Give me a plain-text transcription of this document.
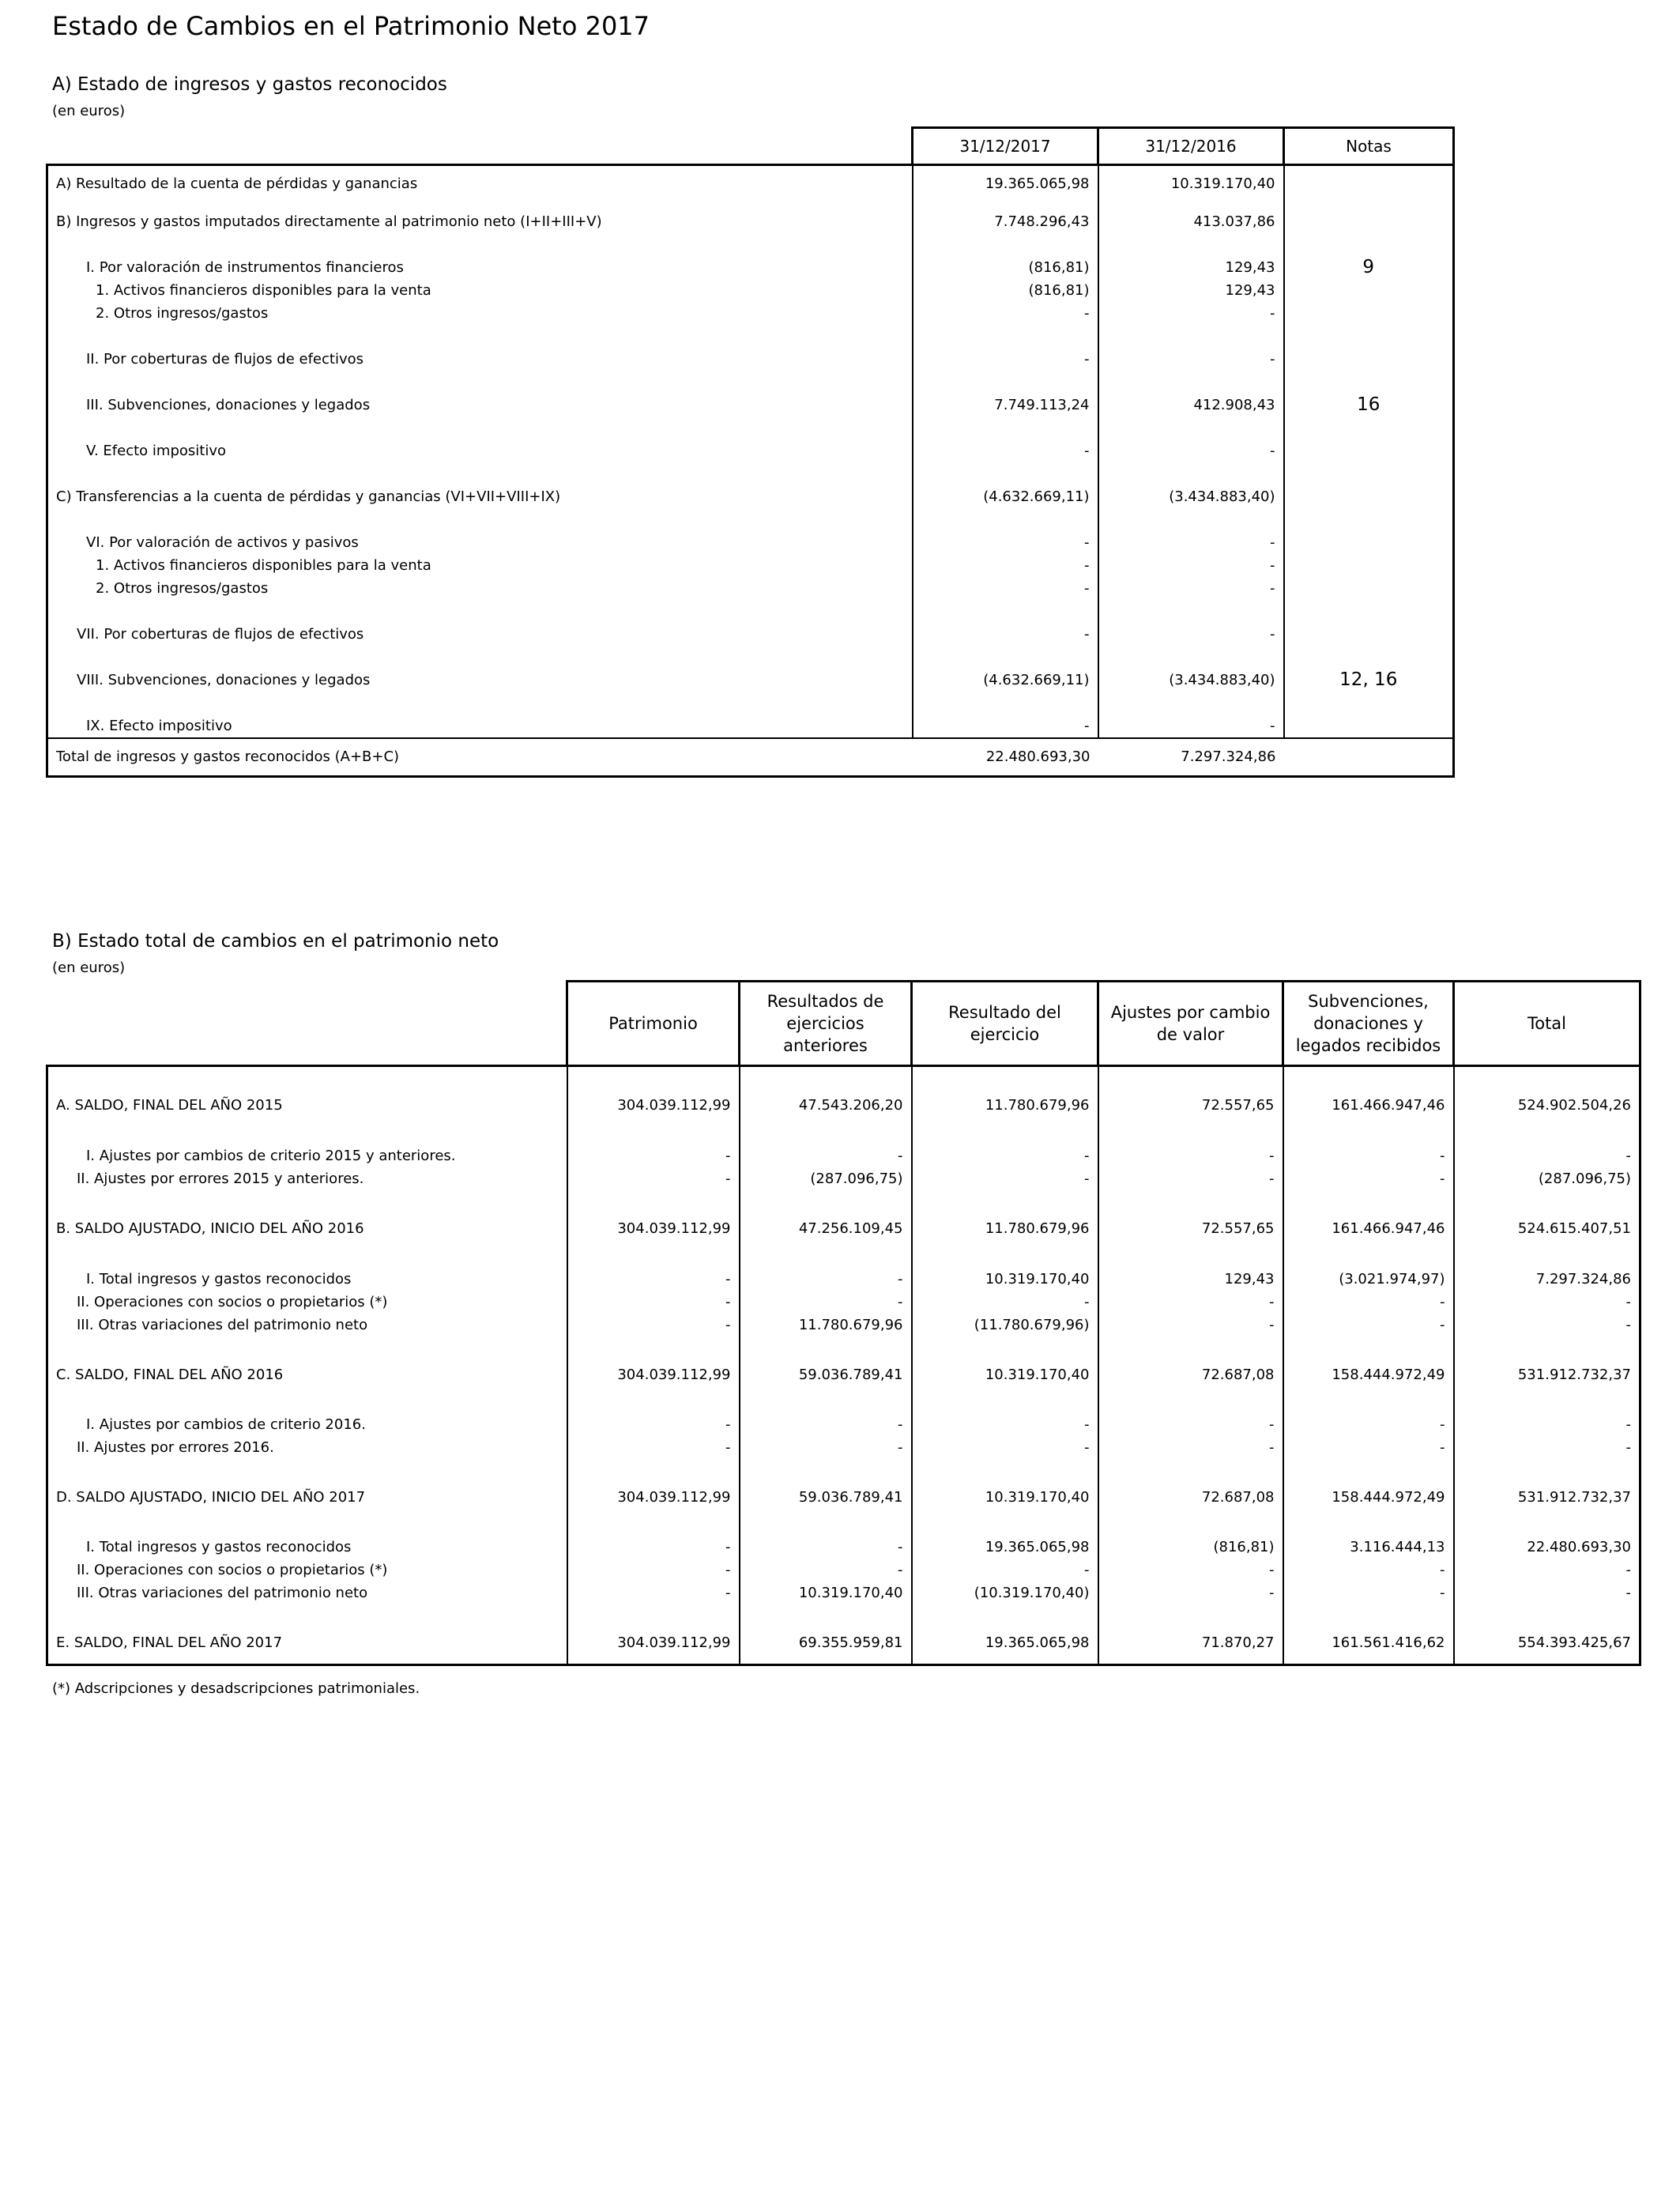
Estado de Cambios en el Patrimonio Neto 2017
A) Estado de ingresos y gastos reconocidos
(en euros)
	31/12/2017	31/12/2016	Notas

A) Resultado de la cuenta de pérdidas y ganancias	19.365.065,98	10.319.170,40	

B) Ingresos y gastos imputados directamente al patrimonio neto (I+II+III+V)	7.748.296,43	413.037,86	

I. Por valoración de instrumentos financieros	(816,81)	129,43	9
1. Activos financieros disponibles para la venta	(816,81)	129,43	
2. Otros ingresos/gastos	-	-	

II. Por coberturas de flujos de efectivos	-	-	

III. Subvenciones, donaciones y legados	7.749.113,24	412.908,43	16

V. Efecto impositivo	-	-	

C) Transferencias a la cuenta de pérdidas y ganancias (VI+VII+VIII+IX)	(4.632.669,11)	(3.434.883,40)	

VI. Por valoración de activos y pasivos	-	-	
1. Activos financieros disponibles para la venta	-	-	
2. Otros ingresos/gastos	-	-	

VII. Por coberturas de flujos de efectivos	-	-	

VIII. Subvenciones, donaciones y legados	(4.632.669,11)	(3.434.883,40)	12, 16

IX. Efecto impositivo	-	-	
Total de ingresos y gastos reconocidos (A+B+C)	22.480.693,30	7.297.324,86	
B) Estado total de cambios en el patrimonio neto
(en euros)
	Patrimonio	Resultados de ejercicios anteriores	Resultado del ejercicio	Ajustes por cambio de valor	Subvenciones, donaciones y legados recibidos	Total

A. SALDO, FINAL DEL AÑO 2015	304.039.112,99	47.543.206,20	11.780.679,96	72.557,65	161.466.947,46	524.902.504,26

I. Ajustes por cambios de criterio 2015 y anteriores.	-	-	-	-	-	-
II. Ajustes por errores 2015 y anteriores.	-	(287.096,75)	-	-	-	(287.096,75)

B. SALDO AJUSTADO, INICIO DEL AÑO 2016	304.039.112,99	47.256.109,45	11.780.679,96	72.557,65	161.466.947,46	524.615.407,51

I. Total ingresos y gastos reconocidos	-	-	10.319.170,40	129,43	(3.021.974,97)	7.297.324,86
II. Operaciones con socios o propietarios (*)	-	-	-	-	-	-
III. Otras variaciones del patrimonio neto	-	11.780.679,96	(11.780.679,96)	-	-	-

C. SALDO, FINAL DEL AÑO 2016	304.039.112,99	59.036.789,41	10.319.170,40	72.687,08	158.444.972,49	531.912.732,37

I. Ajustes por cambios de criterio 2016.	-	-	-	-	-	-
II. Ajustes por errores 2016.	-	-	-	-	-	-

D. SALDO AJUSTADO, INICIO DEL AÑO 2017	304.039.112,99	59.036.789,41	10.319.170,40	72.687,08	158.444.972,49	531.912.732,37

I. Total ingresos y gastos reconocidos	-	-	19.365.065,98	(816,81)	3.116.444,13	22.480.693,30
II. Operaciones con socios o propietarios (*)	-	-	-	-	-	-
III. Otras variaciones del patrimonio neto	-	10.319.170,40	(10.319.170,40)	-	-	-

E. SALDO, FINAL DEL AÑO 2017	304.039.112,99	69.355.959,81	19.365.065,98	71.870,27	161.561.416,62	554.393.425,67

(*) Adscripciones y desadscripciones patrimoniales.
